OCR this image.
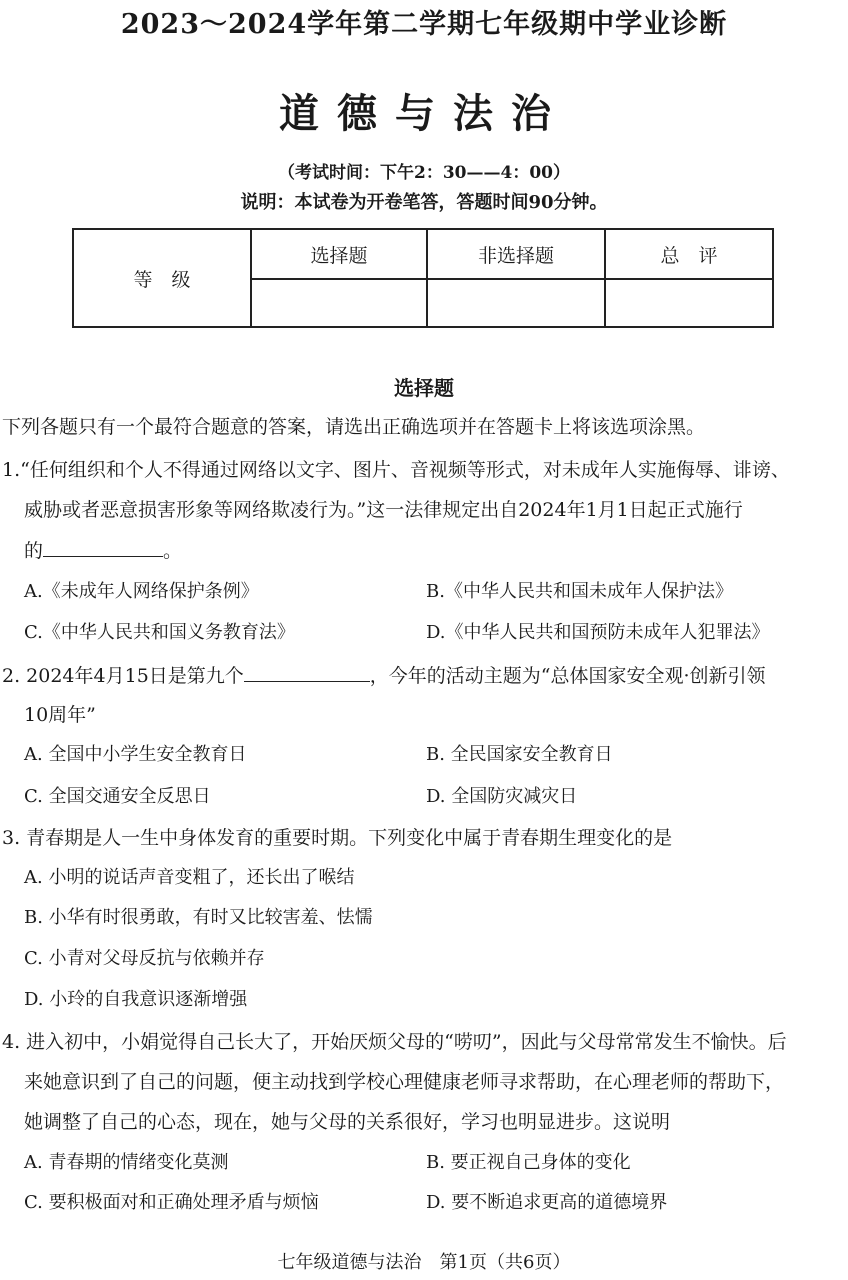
2023～2024学年第二学期七年级期中学业诊断
道德与法治
（考试时间：下午2：30——4：00）
说明：本试卷为开卷笔答，答题时间90分钟。
等　级	选择题	非选择题	总　评

选择题
下列各题只有一个最符合题意的答案，请选出正确选项并在答题卡上将该选项涂黑。
1.“任何组织和个人不得通过网络以文字、图片、音视频等形式，对未成年人实施侮辱、诽谤、
威胁或者恶意损害形象等网络欺凌行为。”这一法律规定出自2024年1月1日起正式施行
的	。
A.《未成年人网络保护条例》	B.《中华人民共和国未成年人保护法》
C.《中华人民共和国义务教育法》	D.《中华人民共和国预防未成年人犯罪法》
2. 2024年4月15日是第九个	，今年的活动主题为“总体国家安全观·创新引领
10周年”
A. 全国中小学生安全教育日	B. 全民国家安全教育日
C. 全国交通安全反思日	D. 全国防灾减灾日
3. 青春期是人一生中身体发育的重要时期。下列变化中属于青春期生理变化的是
A. 小明的说话声音变粗了，还长出了喉结
B. 小华有时很勇敢，有时又比较害羞、怯懦
C. 小青对父母反抗与依赖并存
D. 小玲的自我意识逐渐增强
4. 进入初中，小娟觉得自己长大了，开始厌烦父母的“唠叨”，因此与父母常常发生不愉快。后
来她意识到了自己的问题，便主动找到学校心理健康老师寻求帮助，在心理老师的帮助下，
她调整了自己的心态，现在，她与父母的关系很好，学习也明显进步。这说明
A. 青春期的情绪变化莫测	B. 要正视自己身体的变化
C. 要积极面对和正确处理矛盾与烦恼	D. 要不断追求更高的道德境界
七年级道德与法治　第1页（共6页）
